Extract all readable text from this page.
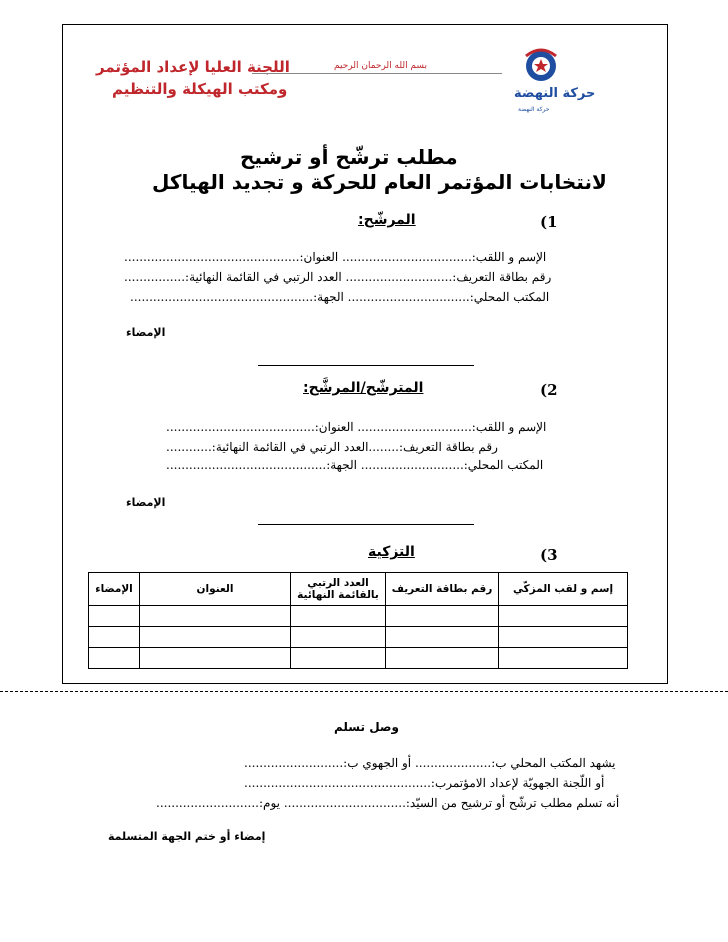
اللجنة العليا لإعداد المؤتمر
ومكتب الهيكلة والتنظيم
بسم الله الرحمان الرحيم
حركة النهضة
حركة النهضة
مطلب ترشّح أو ترشيح
لانتخابات المؤتمر العام للحركة و تجديد الهياكل
(1
المرشّح:
الإسم و اللقب:.................................. العنوان:..............................................
رقم بطاقة التعريف:............................ العدد الرتبي في القائمة النهائية:................
المكتب المحلي:................................ الجهة:................................................
الإمضاء
(2
المترشّح/المرشَّح:
الإسم و اللقب:.............................. العنوان:.......................................
رقم بطاقة التعريف:........العدد الرتبي في القائمة النهائية:............
المكتب المحلي:........................... الجهة:..........................................
الإمضاء
(3
التزكية
إسم و لقب المزكّي	رقم بطاقة التعريف	العدد الرتبي بالقائمة النهائية	العنوان	الإمضاء

وصل تسلم
يشهد المكتب المحلي ب:.................... أو الجهوي ب:..........................
أو اللّجنة الجهويّة لإعداد الامؤتمرب:.................................................
أنه تسلم مطلب ترشّح أو ترشيح من السيّد:................................ يوم:...........................
إمضاء أو ختم الجهة المتسلمة
